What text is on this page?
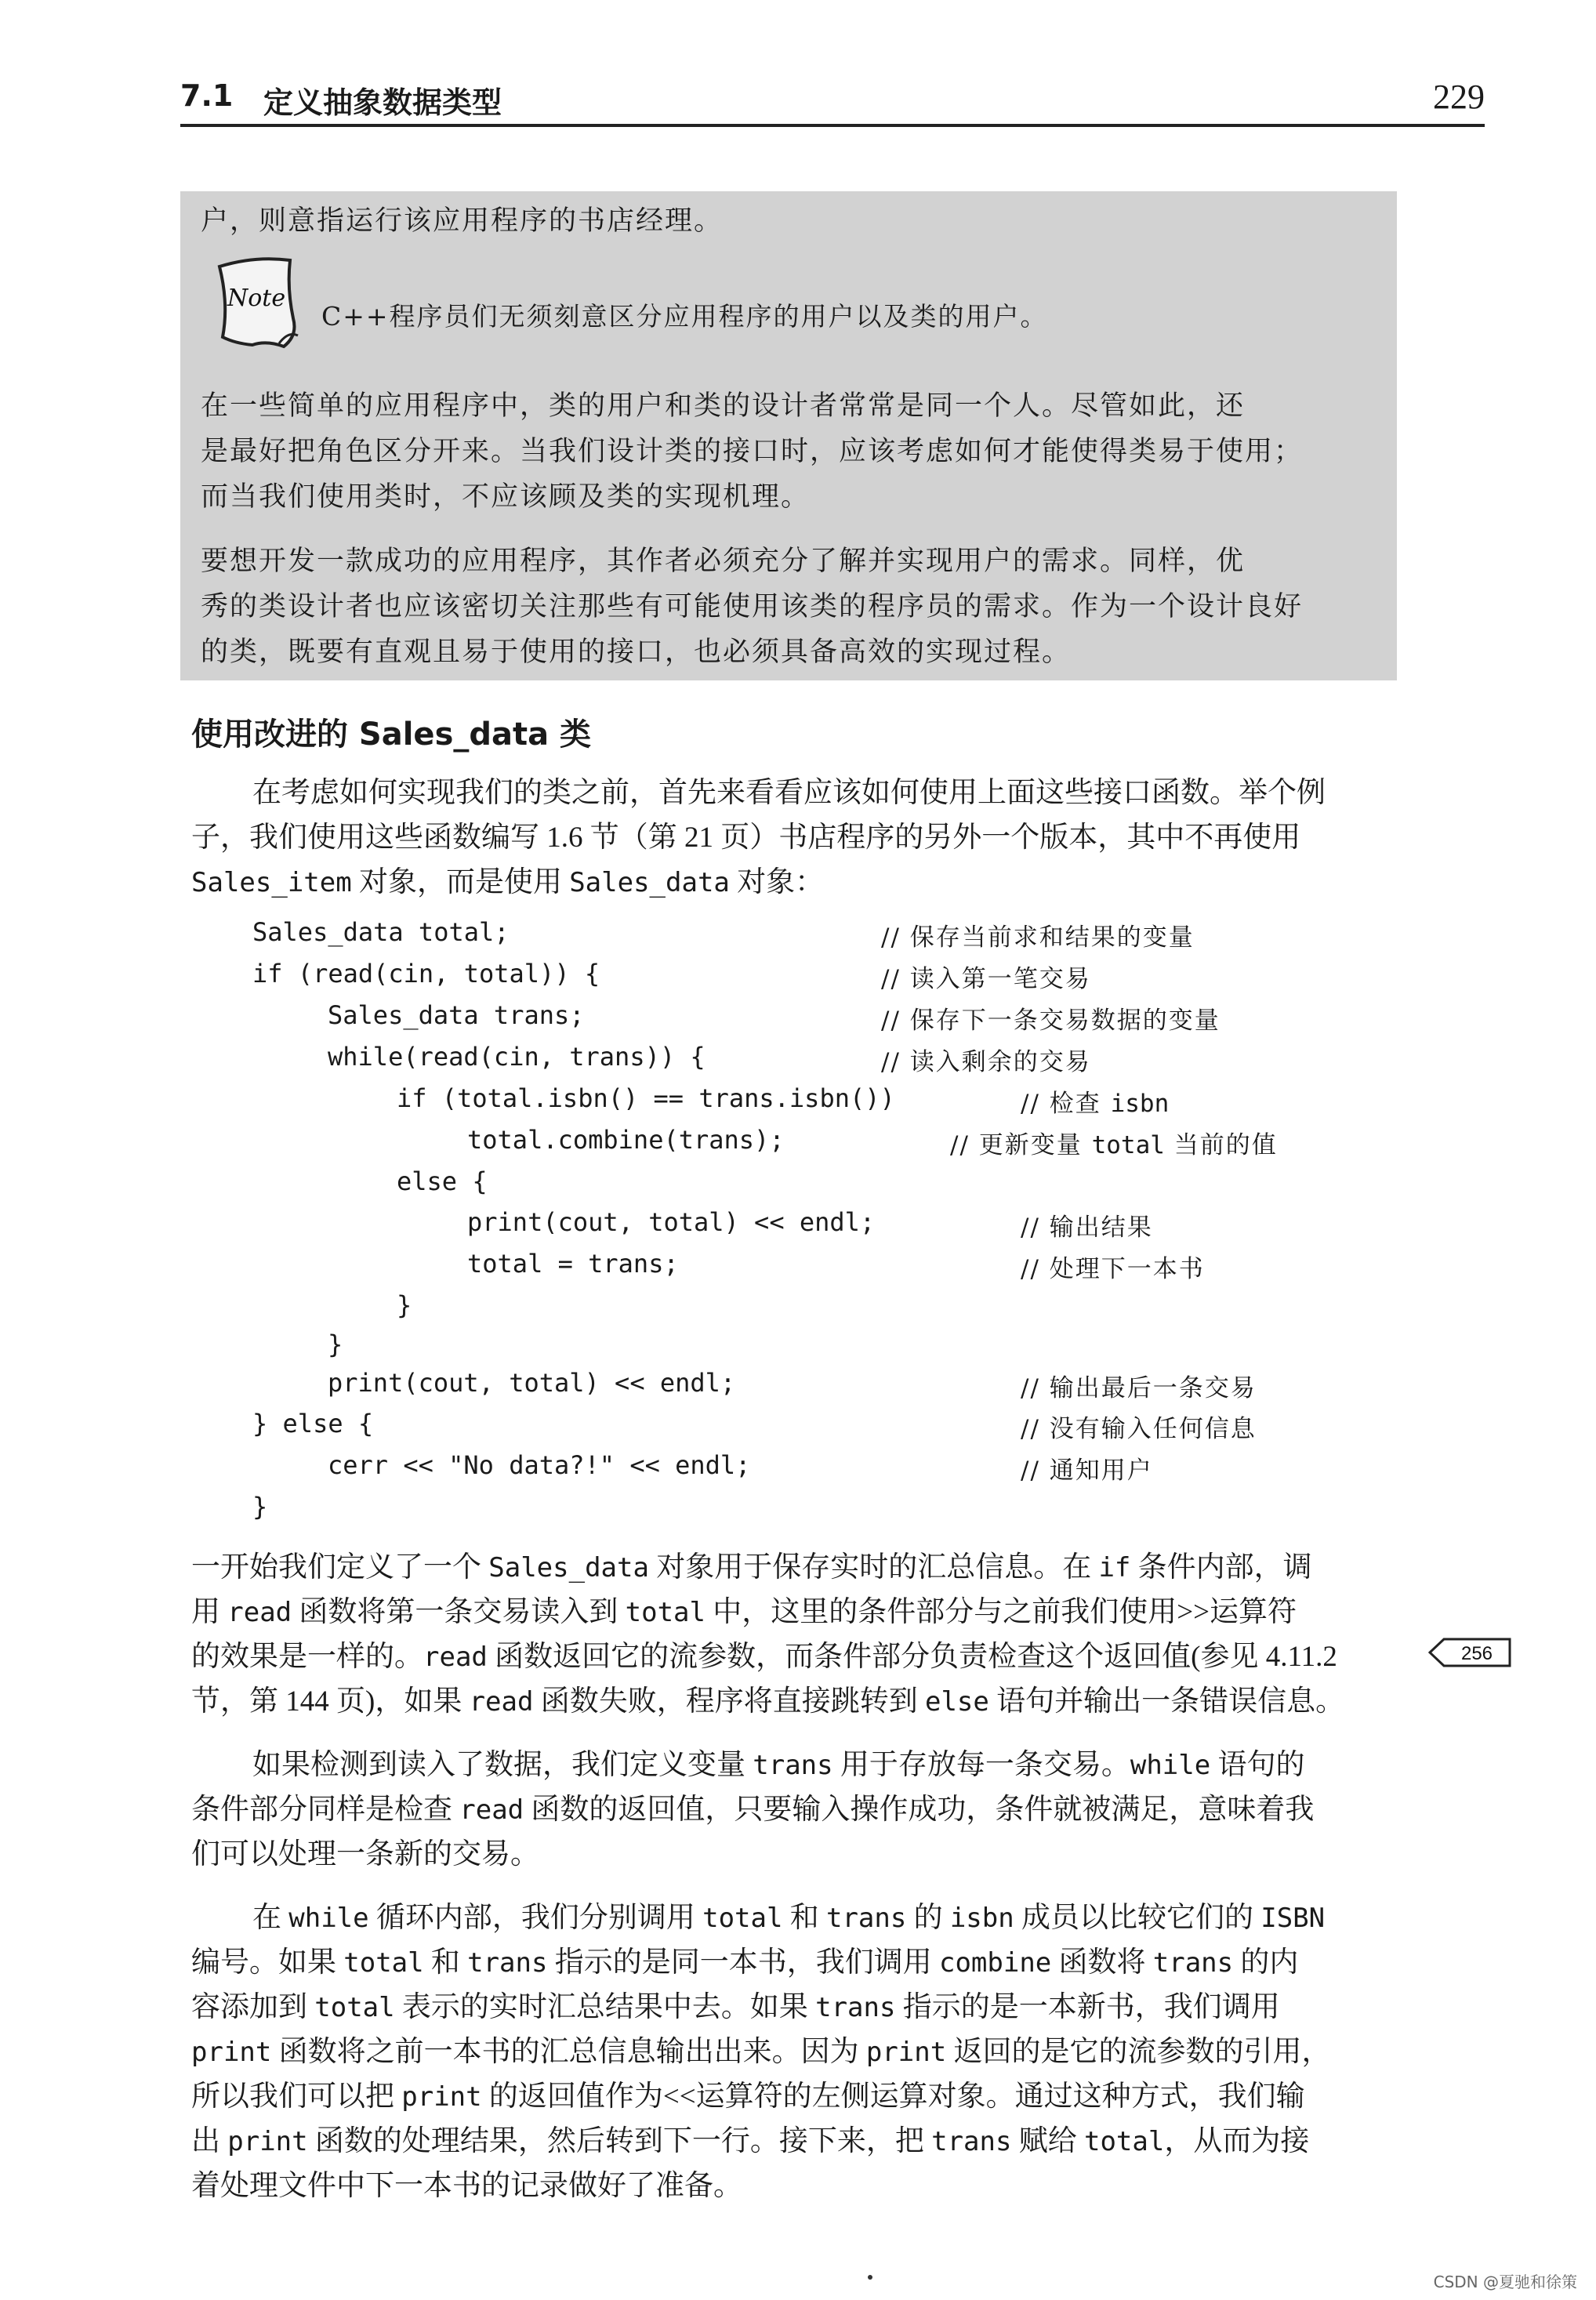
7.1 定义抽象数据类型	229
户，则意指运行该应用程序的书店经理。
Note
C++程序员们无须刻意区分应用程序的用户以及类的用户。
在一些简单的应用程序中，类的用户和类的设计者常常是同一个人。尽管如此，还
是最好把角色区分开来。当我们设计类的接口时，应该考虑如何才能使得类易于使用；
而当我们使用类时，不应该顾及类的实现机理。
要想开发一款成功的应用程序，其作者必须充分了解并实现用户的需求。同样，优
秀的类设计者也应该密切关注那些有可能使用该类的程序员的需求。作为一个设计良好
的类，既要有直观且易于使用的接口，也必须具备高效的实现过程。
使用改进的 Sales_data 类
在考虑如何实现我们的类之前，首先来看看应该如何使用上面这些接口函数。举个例
子，我们使用这些函数编写 1.6 节（第 21 页）书店程序的另外一个版本，其中不再使用
Sales_item 对象，而是使用 Sales_data 对象：
Sales_data total;
if (read(cin, total)) {
Sales_data trans;
while(read(cin, trans)) {
if (total.isbn() == trans.isbn())
total.combine(trans);
else {
print(cout, total) << endl;
total = trans;
}
}
print(cout, total) << endl;
} else {
cerr << "No data?!" << endl;
}
// 保存当前求和结果的变量
// 读入第一笔交易
// 保存下一条交易数据的变量
// 读入剩余的交易
// 检查 isbn
// 更新变量 total 当前的值
// 输出结果
// 处理下一本书
// 输出最后一条交易
// 没有输入任何信息
// 通知用户
一开始我们定义了一个 Sales_data 对象用于保存实时的汇总信息。在 if 条件内部，调
用 read 函数将第一条交易读入到 total 中，这里的条件部分与之前我们使用>>运算符
的效果是一样的。read 函数返回它的流参数，而条件部分负责检查这个返回值(参见 4.11.2
节，第 144 页)，如果 read 函数失败，程序将直接跳转到 else 语句并输出一条错误信息。
256
如果检测到读入了数据，我们定义变量 trans 用于存放每一条交易。while 语句的
条件部分同样是检查 read 函数的返回值，只要输入操作成功，条件就被满足，意味着我
们可以处理一条新的交易。
在 while 循环内部，我们分别调用 total 和 trans 的 isbn 成员以比较它们的 ISBN
编号。如果 total 和 trans 指示的是同一本书，我们调用 combine 函数将 trans 的内
容添加到 total 表示的实时汇总结果中去。如果 trans 指示的是一本新书，我们调用
print 函数将之前一本书的汇总信息输出出来。因为 print 返回的是它的流参数的引用，
所以我们可以把 print 的返回值作为<<运算符的左侧运算对象。通过这种方式，我们输
出 print 函数的处理结果，然后转到下一行。接下来，把 trans 赋给 total，从而为接
着处理文件中下一本书的记录做好了准备。
CSDN @夏驰和徐策
